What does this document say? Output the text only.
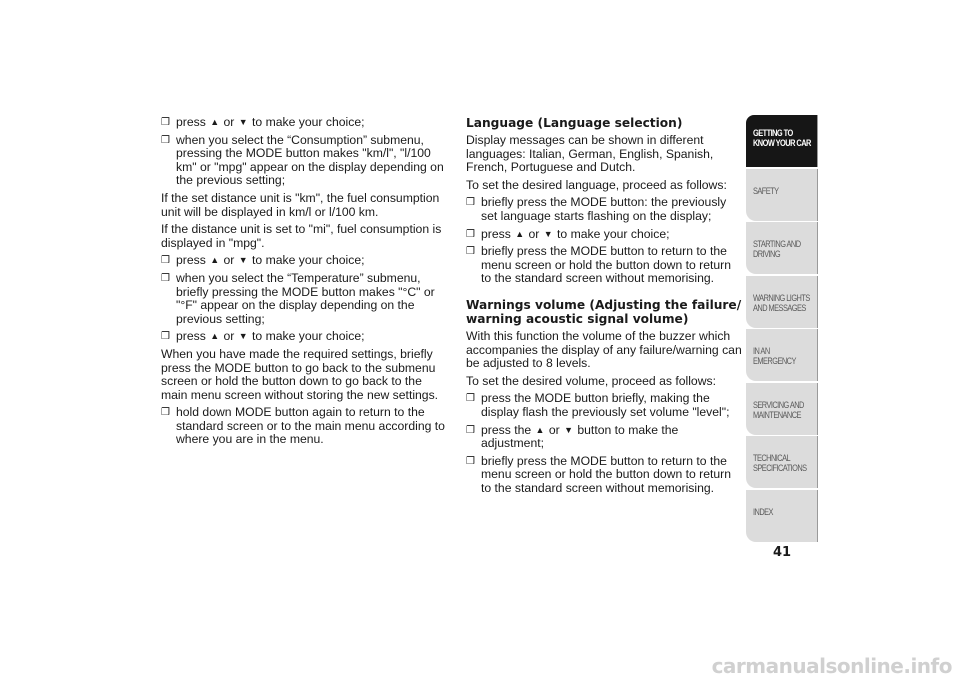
❒ press ▲ or ▼ to make your choice;

❒ when you select the “Consumption” submenu, pressing the MODE button makes "km/l", "l/100 km" or "mpg" appear on the display depending on the previous setting;

If the set distance unit is "km", the fuel consumption unit will be displayed in km/l or l/100 km.

If the distance unit is set to "mi", fuel consumption is displayed in "mpg".

❒ press ▲ or ▼ to make your choice;

❒ when you select the “Temperature” submenu, briefly pressing the MODE button makes "°C" or "°F" appear on the display depending on the previous setting;

❒ press ▲ or ▼ to make your choice;

When you have made the required settings, briefly press the MODE button to go back to the submenu screen or hold the button down to go back to the main menu screen without storing the new settings.

❒ hold down MODE button again to return to the standard screen or to the main menu according to where you are in the menu.

Language (Language selection)

Display messages can be shown in different languages: Italian, German, English, Spanish, French, Portuguese and Dutch.

To set the desired language, proceed as follows:

❒ briefly press the MODE button: the previously set language starts flashing on the display;

❒ press ▲ or ▼ to make your choice;

❒ briefly press the MODE button to return to the menu screen or hold the button down to return to the standard screen without memorising.

Warnings volume (Adjusting the failure/ warning acoustic signal volume)

With this function the volume of the buzzer which accompanies the display of any failure/warning can be adjusted to 8 levels.

To set the desired volume, proceed as follows:

❒ press the MODE button briefly, making the display flash the previously set volume "level";

❒ press the ▲ or ▼ button to make the adjustment;

❒ briefly press the MODE button to return to the menu screen or hold the button down to return to the standard screen without memorising.

GETTING TO
KNOW YOUR CAR
SAFETY
STARTING AND
DRIVING
WARNING LIGHTS
AND MESSAGES
IN AN EMERGENCY
SERVICING AND
MAINTENANCE
TECHNICAL
SPECIFICATIONS
INDEX
41
carmanualsonline.info
